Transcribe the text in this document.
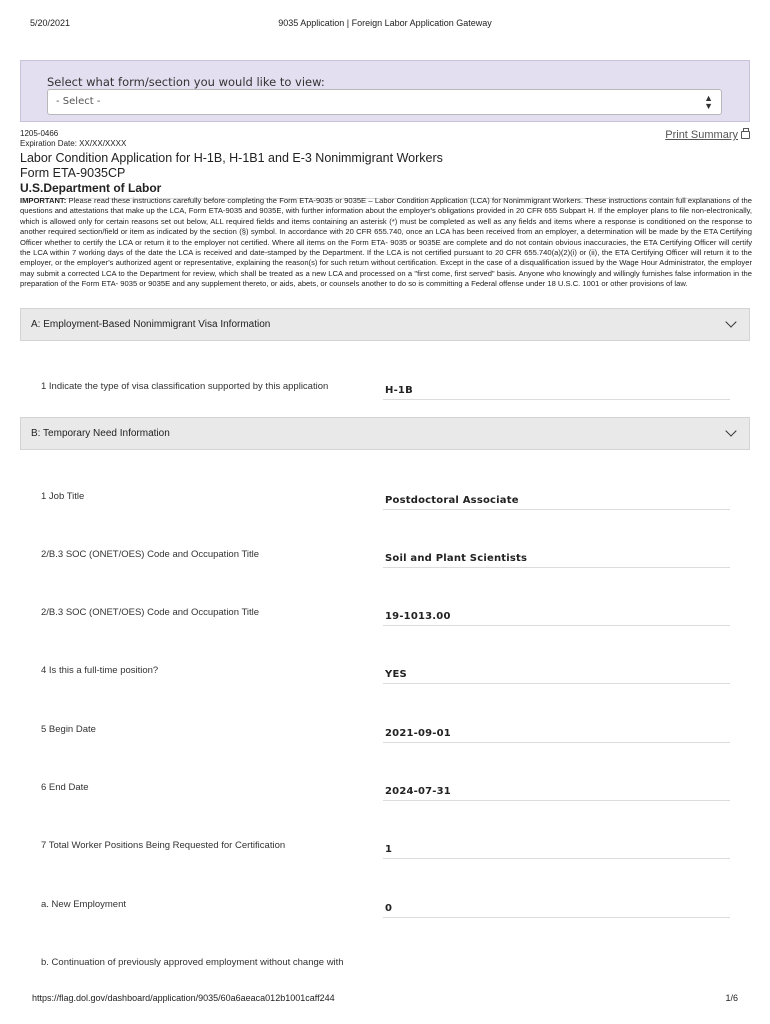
5/20/2021	9035 Application | Foreign Labor Application Gateway
Select what form/section you would like to view:
- Select -	▲
▼
1205-0466
Expiration Date: XX/XX/XXXX
Print Summary
Labor Condition Application for H-1B, H-1B1 and E-3 Nonimmigrant Workers
Form ETA-9035CP
U.S.Department of Labor
IMPORTANT: Please read these instructions carefully before completing the Form ETA-9035 or 9035E – Labor Condition Application (LCA) for Nonimmigrant Workers. These instructions contain full explanations of the questions and attestations that make up the LCA, Form ETA-9035 and 9035E, with further information about the employer's obligations provided in 20 CFR 655 Subpart H. If the employer plans to file non-electronically, which is allowed only for certain reasons set out below, ALL required fields and items containing an asterisk (*) must be completed as well as any fields and items where a response is conditioned on the response to another required section/field or item as indicated by the section (§) symbol. In accordance with 20 CFR 655.740, once an LCA has been received from an employer, a determination will be made by the ETA Certifying Officer whether to certify the LCA or return it to the employer not certified. Where all items on the Form ETA- 9035 or 9035E are complete and do not contain obvious inaccuracies, the ETA Certifying Officer will certify the LCA within 7 working days of the date the LCA is received and date-stamped by the Department. If the LCA is not certified pursuant to 20 CFR 655.740(a)(2)(i) or (ii), the ETA Certifying Officer will return it to the employer, or the employer's authorized agent or representative, explaining the reason(s) for such return without certification. Except in the case of a disqualification issued by the Wage Hour Administrator, the employer may submit a corrected LCA to the Department for review, which shall be treated as a new LCA and processed on a "first come, first served" basis. Anyone who knowingly and willingly furnishes false information in the preparation of the Form ETA- 9035 or 9035E and any supplement thereto, or aids, abets, or counsels another to do so is committing a Federal offense under 18 U.S.C. 1001 or other provisions of law.
A: Employment-Based Nonimmigrant Visa Information
1 Indicate the type of visa classification supported by this application	H-1B
B: Temporary Need Information
1 Job Title	Postdoctoral Associate
2/B.3 SOC (ONET/OES) Code and Occupation Title	Soil and Plant Scientists
2/B.3 SOC (ONET/OES) Code and Occupation Title	19-1013.00
4 Is this a full-time position?	YES
5 Begin Date	2021-09-01
6 End Date	2024-07-31
7 Total Worker Positions Being Requested for Certification	1
a. New Employment	0
b. Continuation of previously approved employment without change with
https://flag.dol.gov/dashboard/application/9035/60a6aeaca012b1001caff244	1/6
